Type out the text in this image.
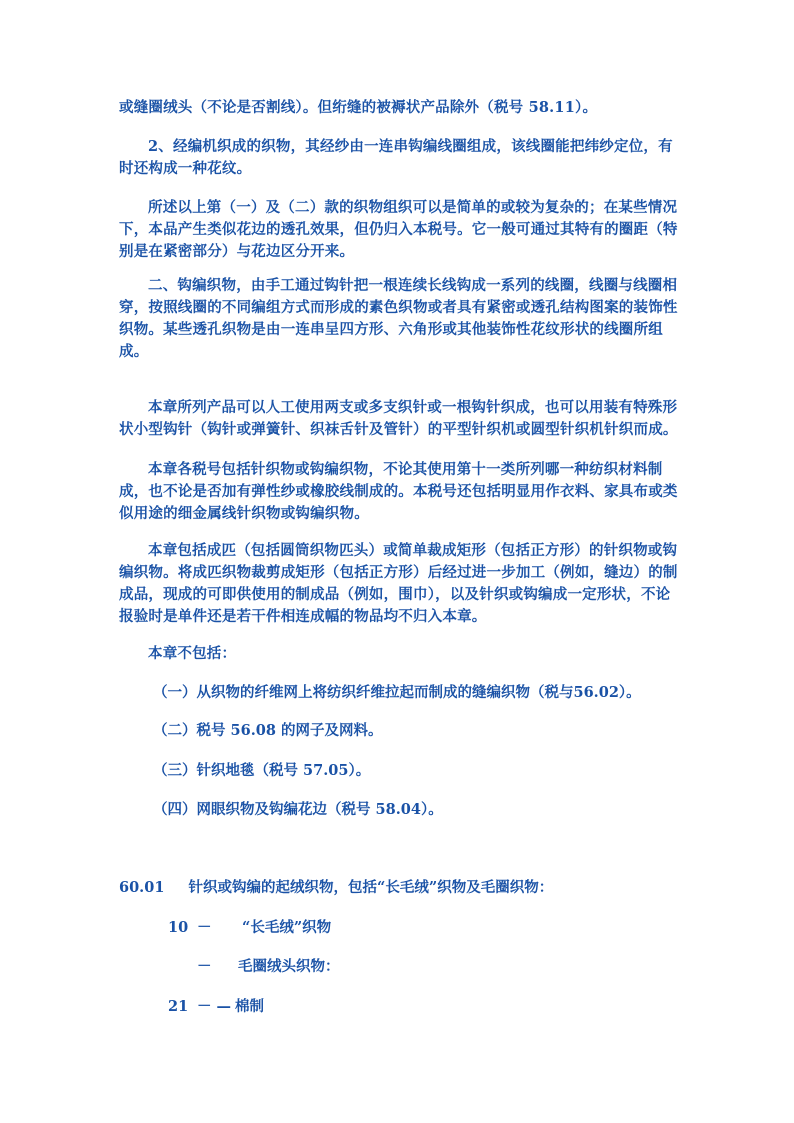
或缝圈绒头（不论是否割线）。但绗缝的被褥状产品除外（税号 58.11）。

2、经编机织成的织物，其经纱由一连串钩编线圈组成，该线圈能把纬纱定位，有时还构成一种花纹。

所述以上第（一）及（二）款的织物组织可以是简单的或较为复杂的；在某些情况下，本品产生类似花边的透孔效果，但仍归入本税号。它一般可通过其特有的圈距（特别是在紧密部分）与花边区分开来。

二、钩编织物，由手工通过钩针把一根连续长线钩成一系列的线圈，线圈与线圈相穿，按照线圈的不同编组方式而形成的素色织物或者具有紧密或透孔结构图案的装饰性织物。某些透孔织物是由一连串呈四方形、六角形或其他装饰性花纹形状的线圈所组成。

本章所列产品可以人工使用两支或多支织针或一根钩针织成，也可以用装有特殊形状小型钩针（钩针或弹簧针、织袜舌针及管针）的平型针织机或圆型针织机针织而成。

本章各税号包括针织物或钩编织物，不论其使用第十一类所列哪一种纺织材料制成，也不论是否加有弹性纱或橡胶线制成的。本税号还包括明显用作衣料、家具布或类似用途的细金属线针织物或钩编织物。

本章包括成匹（包括圆筒织物匹头）或简单裁成矩形（包括正方形）的针织物或钩编织物。将成匹织物裁剪成矩形（包括正方形）后经过进一步加工（例如，缝边）的制成品，现成的可即供使用的制成品（例如，围巾），以及针织或钩编成一定形状，不论报验时是单件还是若干件相连成幅的物品均不归入本章。

本章不包括：

（一）从织物的纤维网上将纺织纤维拉起而制成的缝编织物（税与56.02）。

（二）税号 56.08 的网子及网料。

（三）针织地毯（税号 57.05）。

（四）网眼织物及钩编花边（税号 58.04）。

60.01 针织或钩编的起绒织物，包括“长毛绒”织物及毛圈织物：
10 － “长毛绒”织物
－ 毛圈绒头织物：
21 － — 棉制
